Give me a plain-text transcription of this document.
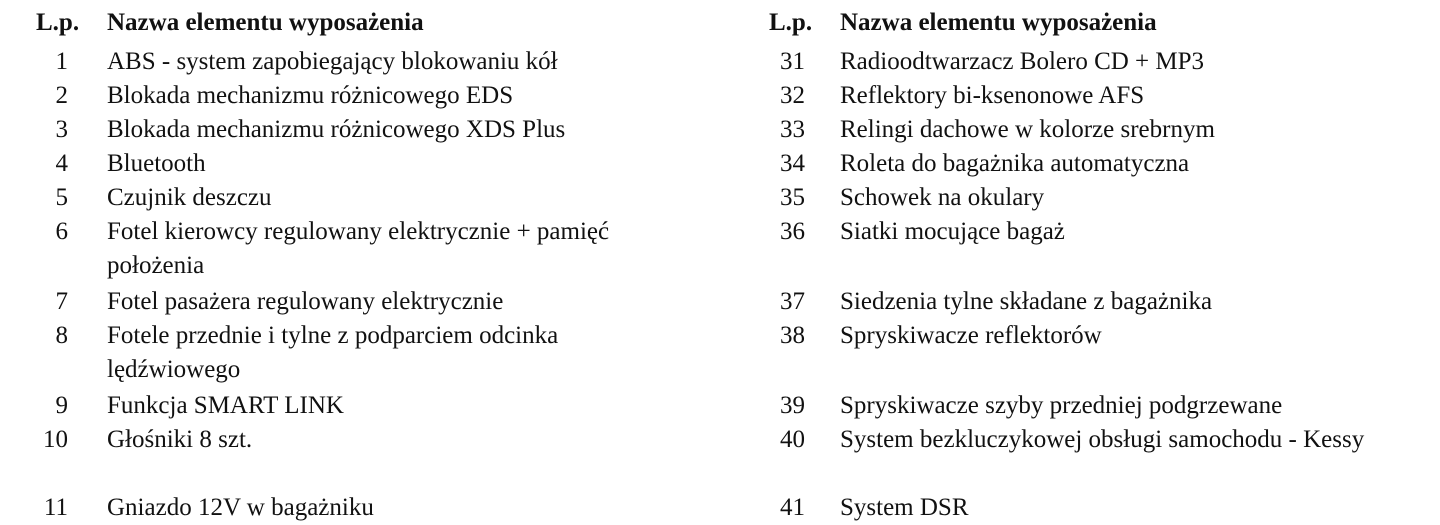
L.p. Nazwa elementu wyposażenia
1 ABS - system zapobiegający blokowaniu kół
2 Blokada mechanizmu różnicowego EDS
3 Blokada mechanizmu różnicowego XDS Plus
4 Bluetooth
5 Czujnik deszczu
6 Fotel kierowcy regulowany elektrycznie + pamięć położenia
7 Fotel pasażera regulowany elektrycznie
8 Fotele przednie i tylne z podparciem odcinka lędźwiowego
9 Funkcja SMART LINK
10 Głośniki 8 szt.
11 Gniazdo 12V w bagażniku
L.p. Nazwa elementu wyposażenia
31 Radioodtwarzacz Bolero CD + MP3
32 Reflektory bi-ksenonowe AFS
33 Relingi dachowe w kolorze srebrnym
34 Roleta do bagażnika automatyczna
35 Schowek na okulary
36 Siatki mocujące bagaż
37 Siedzenia tylne składane z bagażnika
38 Spryskiwacze reflektorów
39 Spryskiwacze szyby przedniej podgrzewane
40 System bezkluczykowej obsługi samochodu - Kessy
41 System DSR
